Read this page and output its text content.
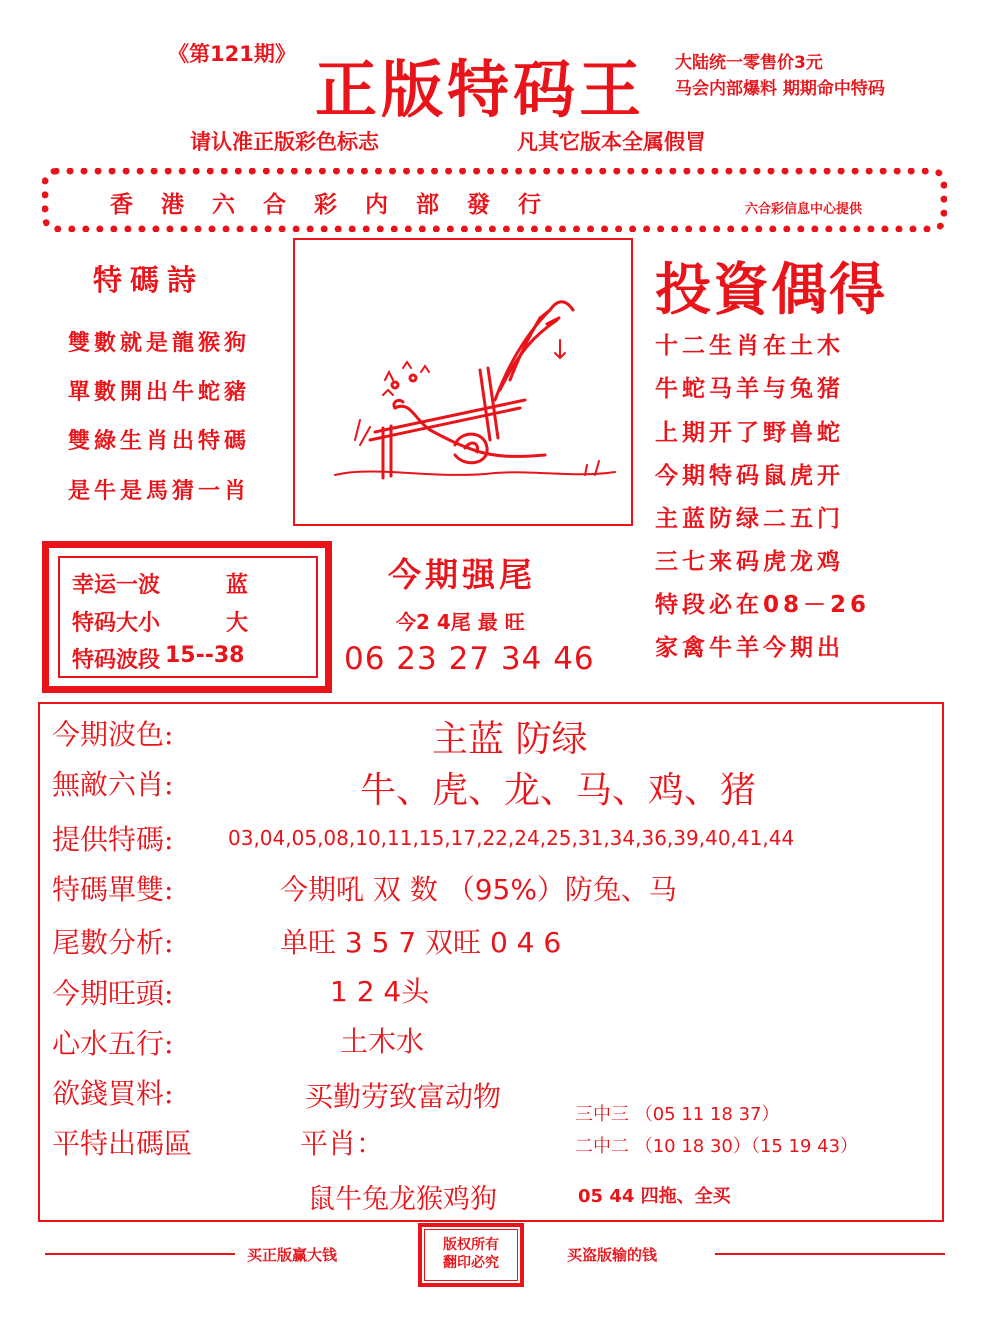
《第121期》 正版特码王 大陆统一零售价3元
马会内部爆料 期期命中特码
请认准正版彩色标志	凡其它版本全属假冒
香港六合彩内部發行	六合彩信息中心提供
特碼詩
雙數就是龍猴狗
單數開出牛蛇豬
雙綠生肖出特碼
是牛是馬猜一肖
投資偶得
十二生肖在土木
牛蛇马羊与兔猪
上期开了野兽蛇
今期特码鼠虎开
主蓝防绿二五门
三七来码虎龙鸡
特段必在08－26
家禽牛羊今期出
幸运一波	蓝
特码大小	大
特码波段 15--38
今期强尾
今2 4尾 最 旺
06 23 27 34 46
今期波色:	主蓝 防绿
無敵六肖:	牛、虎、龙、马、鸡、猪
提供特碼:	03,04,05,08,10,11,15,17,22,24,25,31,34,36,39,40,41,44
特碼單雙:	今期吼 双 数 （95%）防兔、马
尾數分析:	单旺 3 5 7 双旺 0 4 6
今期旺頭:	1 2 4头
心水五行:	土木水
欲錢買料:	买勤劳致富动物
平特出碼區	平肖：
三中三 （05 11 18 37）
二中二 （10 18 30）（15 19 43）
鼠牛兔龙猴鸡狗	05 44 四拖、全买
买正版赢大钱
版权所有
翻印必究	买盗版输的钱
